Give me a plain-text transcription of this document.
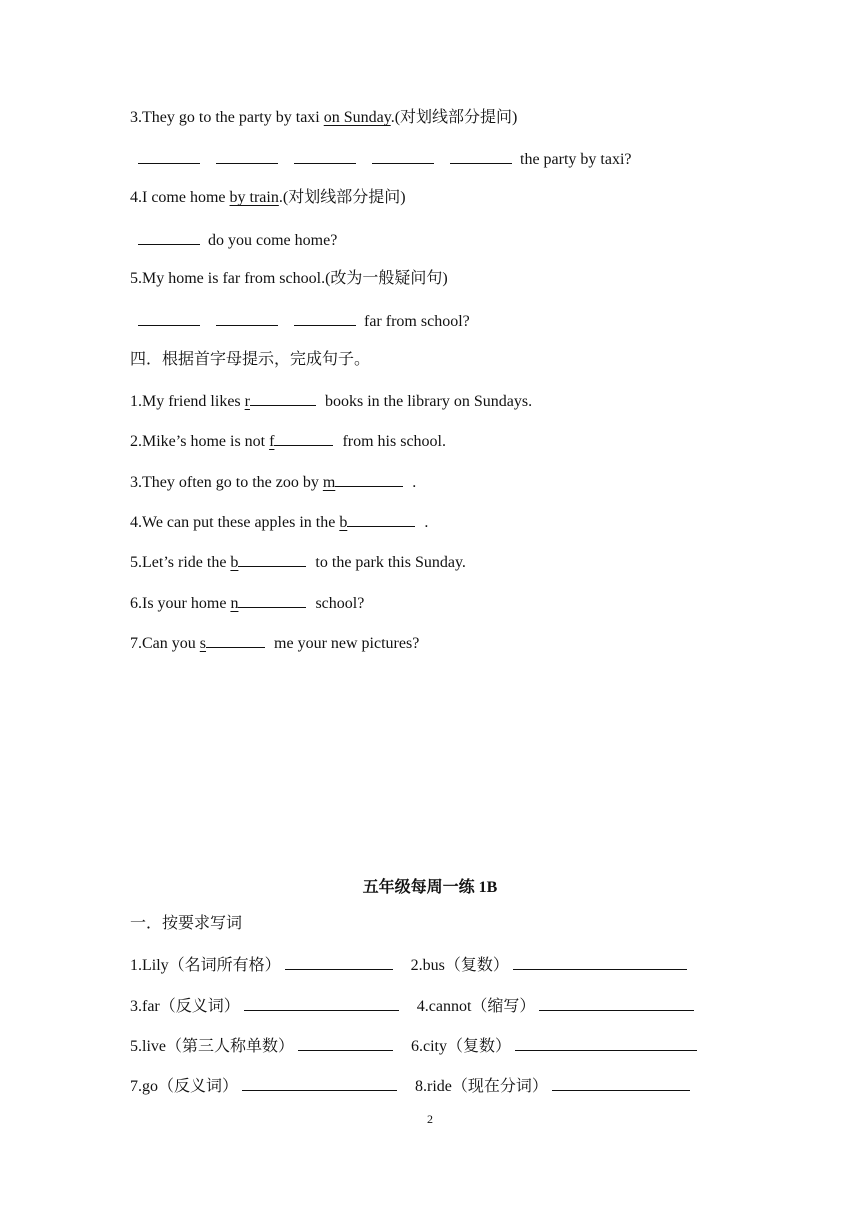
3.They go to the party by taxi on Sunday.(对划线部分提问)
the party by taxi?
4.I come home by train.(对划线部分提问)
do you come home?
5.My home is far from school.(改为一般疑问句)
far from school?
四．根据首字母提示，完成句子。
1.My friend likes r	books in the library on Sundays.
2.Mike’s home is not f	from his school.
3.They often go to the zoo by m	.
4.We can put these apples in the b	.
5.Let’s ride the b	to the park this Sunday.
6.Is your home n	school?
7.Can you s	me your new pictures?
五年级每周一练 1B
一．按要求写词
1.Lily（名词所有格）	2.bus（复数）
3.far（反义词）	4.cannot（缩写）
5.live（第三人称单数）	6.city（复数）
7.go（反义词）	8.ride（现在分词）
2
